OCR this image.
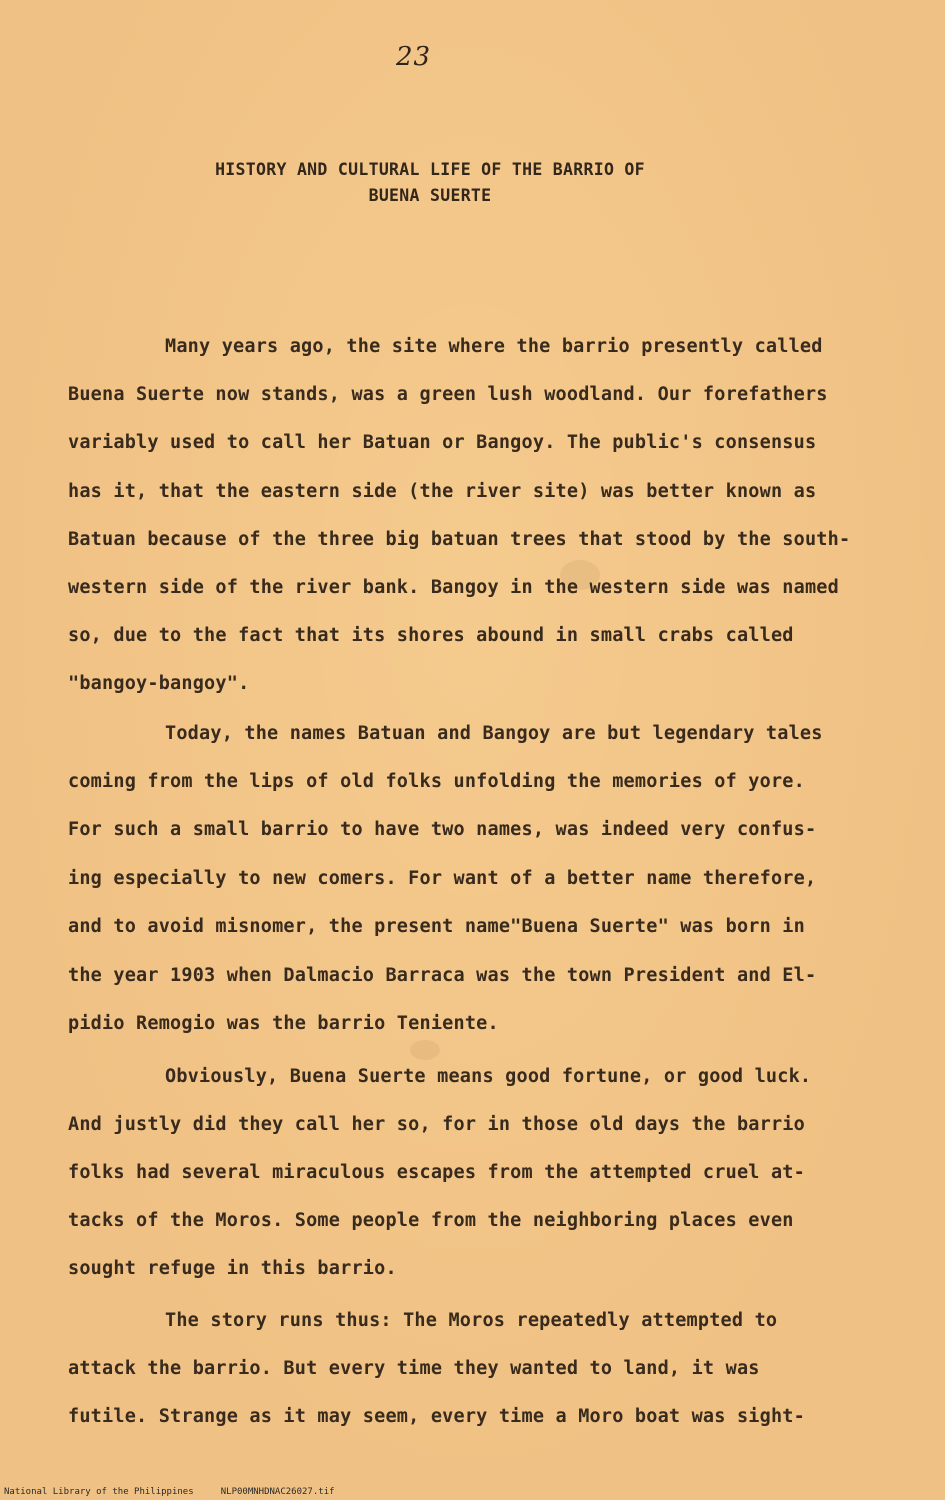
23
HISTORY AND CULTURAL LIFE OF THE BARRIO OF
BUENA SUERTE
Many years ago, the site where the barrio presently called
Buena Suerte now stands, was a green lush woodland. Our forefathers
variably used to call her Batuan or Bangoy. The public's consensus
has it, that the eastern side (the river site) was better known as
Batuan because of the three big batuan trees that stood by the south-
western side of the river bank. Bangoy in the western side was named
so, due to the fact that its shores abound in small crabs called
"bangoy-bangoy".
Today, the names Batuan and Bangoy are but legendary tales
coming from the lips of old folks unfolding the memories of yore.
For such a small barrio to have two names, was indeed very confus-
ing especially to new comers. For want of a better name therefore,
and to avoid misnomer, the present name"Buena Suerte" was born in
the year 1903 when Dalmacio Barraca was the town President and El-
pidio Remogio was the barrio Teniente.
Obviously, Buena Suerte means good fortune, or good luck.
And justly did they call her so, for in those old days the barrio
folks had several miraculous escapes from the attempted cruel at-
tacks of the Moros. Some people from the neighboring places even
sought refuge in this barrio.
The story runs thus: The Moros repeatedly attempted to
attack the barrio. But every time they wanted to land, it was
futile. Strange as it may seem, every time a Moro boat was sight-
National Library of the Philippines     NLP00MNHDNAC26027.tif
